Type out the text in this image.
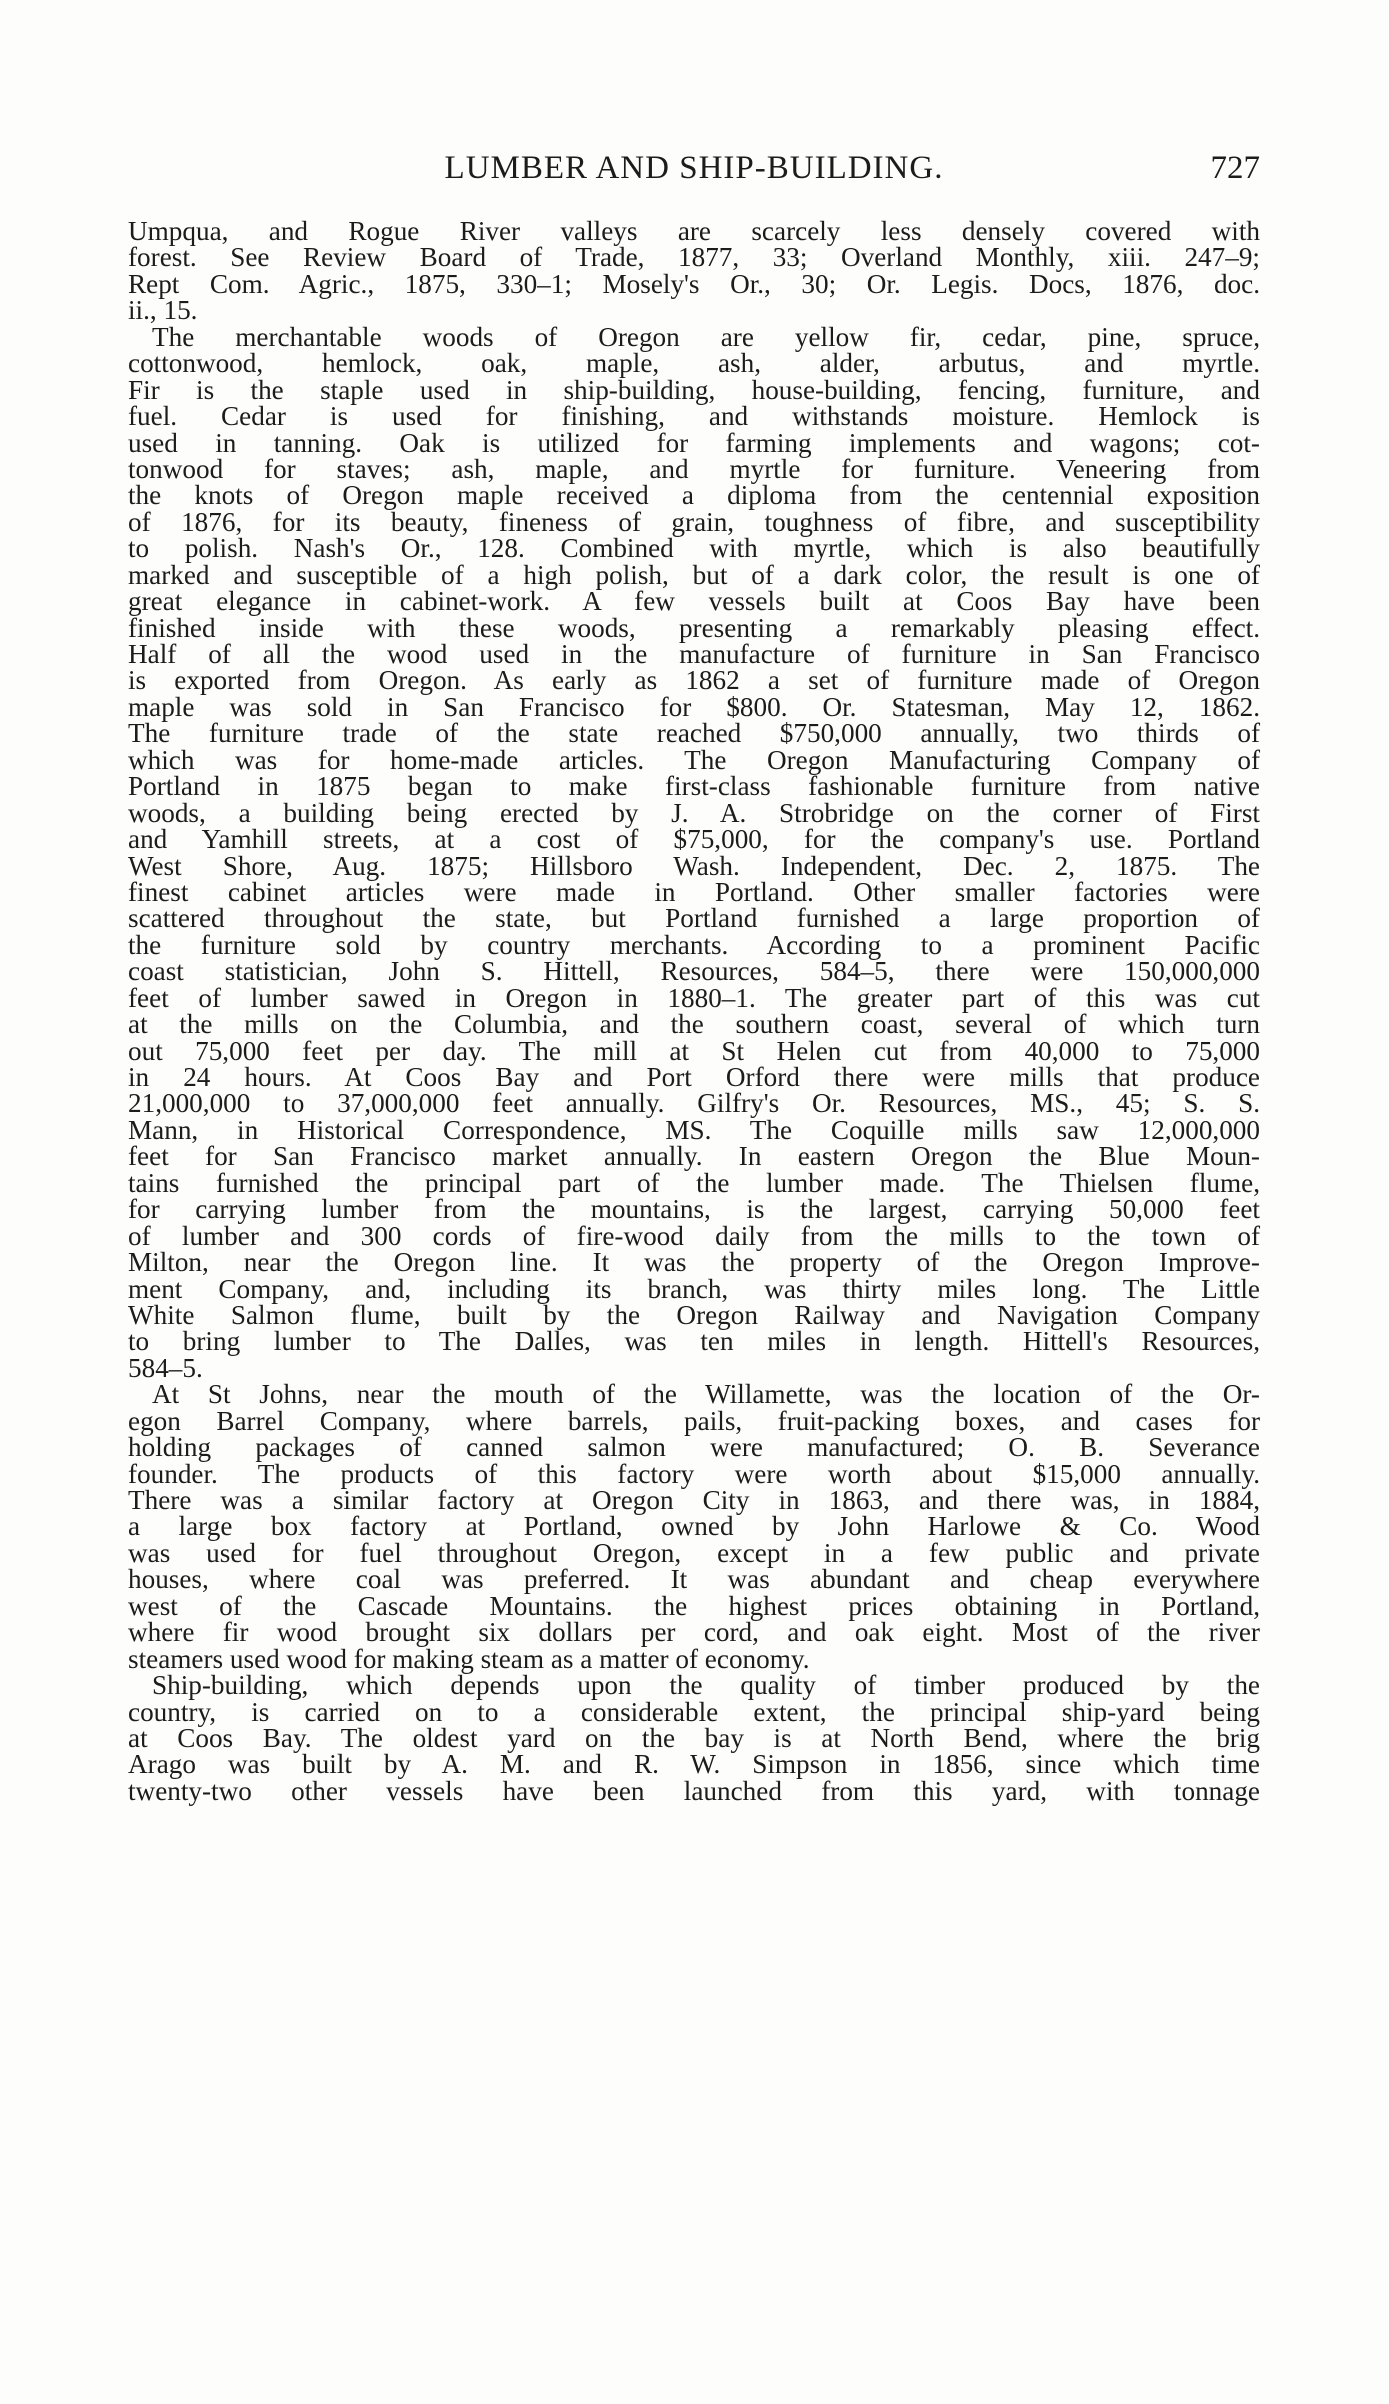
LUMBER AND SHIP-BUILDING.	727
Umpqua, and Rogue River valleys are scarcely less densely covered with
forest. See Review Board of Trade, 1877, 33; Overland Monthly, xiii. 247–9;
Rept Com. Agric., 1875, 330–1; Mosely's Or., 30; Or. Legis. Docs, 1876, doc.
ii., 15.
The merchantable woods of Oregon are yellow fir, cedar, pine, spruce,
cottonwood, hemlock, oak, maple, ash, alder, arbutus, and myrtle.
Fir is the staple used in ship-building, house-building, fencing, furniture, and
fuel. Cedar is used for finishing, and withstands moisture. Hemlock is
used in tanning. Oak is utilized for farming implements and wagons; cot-
tonwood for staves; ash, maple, and myrtle for furniture. Veneering from
the knots of Oregon maple received a diploma from the centennial exposition
of 1876, for its beauty, fineness of grain, toughness of fibre, and susceptibility
to polish. Nash's Or., 128. Combined with myrtle, which is also beautifully
marked and susceptible of a high polish, but of a dark color, the result is one of
great elegance in cabinet-work. A few vessels built at Coos Bay have been
finished inside with these woods, presenting a remarkably pleasing effect.
Half of all the wood used in the manufacture of furniture in San Francisco
is exported from Oregon. As early as 1862 a set of furniture made of Oregon
maple was sold in San Francisco for $800. Or. Statesman, May 12, 1862.
The furniture trade of the state reached $750,000 annually, two thirds of
which was for home-made articles. The Oregon Manufacturing Company of
Portland in 1875 began to make first-class fashionable furniture from native
woods, a building being erected by J. A. Strobridge on the corner of First
and Yamhill streets, at a cost of $75,000, for the company's use. Portland
West Shore, Aug. 1875; Hillsboro Wash. Independent, Dec. 2, 1875. The
finest cabinet articles were made in Portland. Other smaller factories were
scattered throughout the state, but Portland furnished a large proportion of
the furniture sold by country merchants. According to a prominent Pacific
coast statistician, John S. Hittell, Resources, 584–5, there were 150,000,000
feet of lumber sawed in Oregon in 1880–1. The greater part of this was cut
at the mills on the Columbia, and the southern coast, several of which turn
out 75,000 feet per day. The mill at St Helen cut from 40,000 to 75,000
in 24 hours. At Coos Bay and Port Orford there were mills that produce
21,000,000 to 37,000,000 feet annually. Gilfry's Or. Resources, MS., 45; S. S.
Mann, in Historical Correspondence, MS. The Coquille mills saw 12,000,000
feet for San Francisco market annually. In eastern Oregon the Blue Moun-
tains furnished the principal part of the lumber made. The Thielsen flume,
for carrying lumber from the mountains, is the largest, carrying 50,000 feet
of lumber and 300 cords of fire-wood daily from the mills to the town of
Milton, near the Oregon line. It was the property of the Oregon Improve-
ment Company, and, including its branch, was thirty miles long. The Little
White Salmon flume, built by the Oregon Railway and Navigation Company
to bring lumber to The Dalles, was ten miles in length. Hittell's Resources,
584–5.
At St Johns, near the mouth of the Willamette, was the location of the Or-
egon Barrel Company, where barrels, pails, fruit-packing boxes, and cases for
holding packages of canned salmon were manufactured; O. B. Severance
founder. The products of this factory were worth about $15,000 annually.
There was a similar factory at Oregon City in 1863, and there was, in 1884,
a large box factory at Portland, owned by John Harlowe & Co. Wood
was used for fuel throughout Oregon, except in a few public and private
houses, where coal was preferred. It was abundant and cheap everywhere
west of the Cascade Mountains. the highest prices obtaining in Portland,
where fir wood brought six dollars per cord, and oak eight. Most of the river
steamers used wood for making steam as a matter of economy.
Ship-building, which depends upon the quality of timber produced by the
country, is carried on to a considerable extent, the principal ship-yard being
at Coos Bay. The oldest yard on the bay is at North Bend, where the brig
Arago was built by A. M. and R. W. Simpson in 1856, since which time
twenty-two other vessels have been launched from this yard, with tonnage
